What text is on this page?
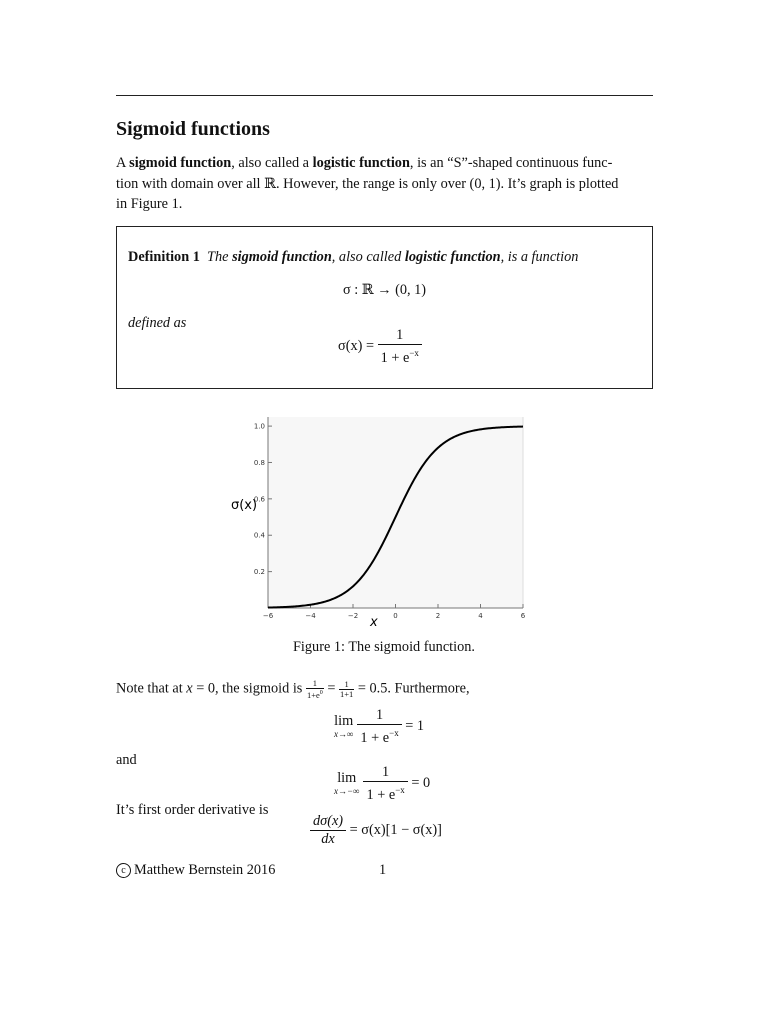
Sigmoid functions

A sigmoid function, also called a logistic function, is an “S”-shaped continuous func-

tion with domain over all ℝ. However, the range is only over (0, 1). It’s graph is plotted

in Figure 1.

Definition 1 The sigmoid function, also called logistic function, is a function
σ : ℝ → (0, 1)
defined as
$\sigma(x) = \frac{1}{1 + e^{-x}}$
−6	−4	−2	0	2	4	6
0.2
0.4
0.6
0.8
1.0
σ(x)
x
Figure 1: The sigmoid function.
Note that at x = 0, the sigmoid is $\frac{1}{1+e^0} = \frac{1}{1+1} = 0.5$. Furthermore,
lim
$x\to\infty \frac{1}{1 + e^{-x}} = 1$
and
lim
$x\to-\infty \frac{1}{1 + e^{-x}} = 0$
It’s first order derivative is
$\frac{d\sigma(x)}{dx} = \sigma(x)[1 - \sigma(x)]$
c Matthew Bernstein 2016	1
